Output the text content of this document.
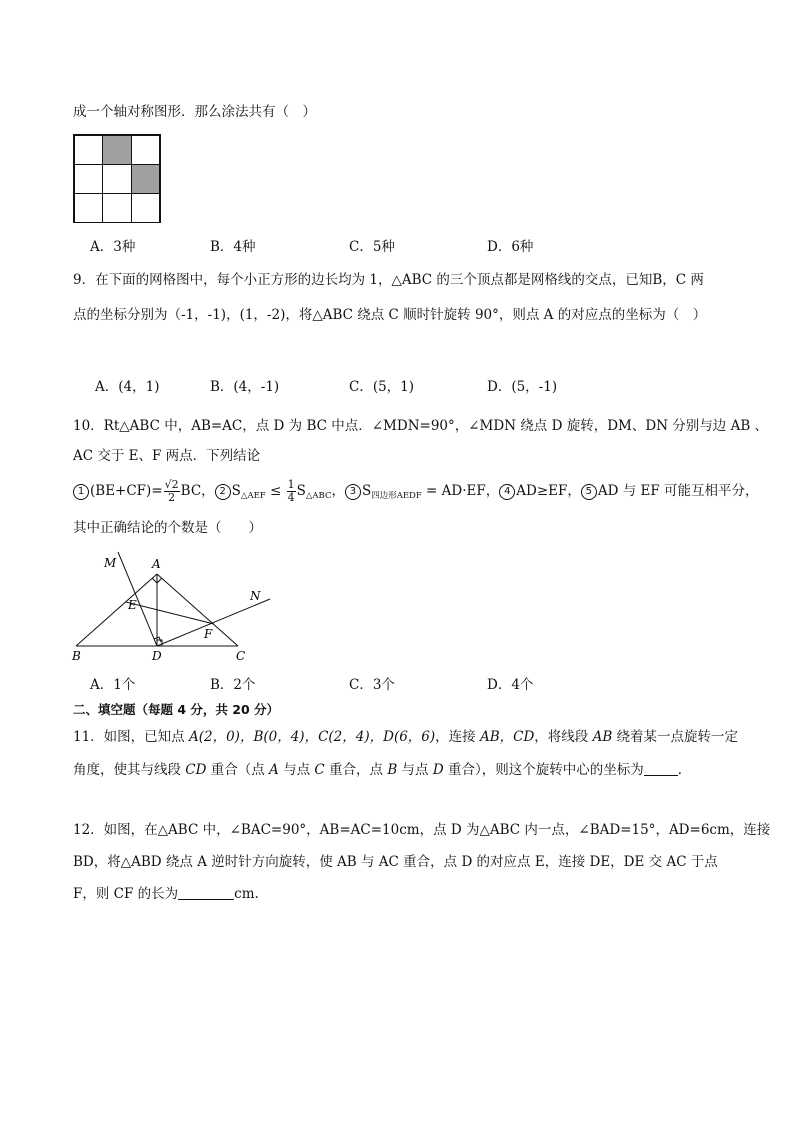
成一个轴对称图形．那么涂法共有（　）
A．3种	B．4种	C．5种	D．6种
9．在下面的网格图中，每个小正方形的边长均为 1，△ABC 的三个顶点都是网格线的交点，已知B，C 两
点的坐标分别为（-1，-1)，(1，-2)，将△ABC 绕点 C 顺时针旋转 90°，则点 A 的对应点的坐标为（　）
A．(4，1)	B．(4，-1)	C．(5，1)	D．(5，-1)
10．Rt△ABC 中，AB=AC，点 D 为 BC 中点．∠MDN=90°，∠MDN 绕点 D 旋转，DM、DN 分别与边 AB 、
AC 交于 E、F 两点．下列结论
1 $(BE+CF)= \frac{√2}{2}$ BC， 2 $S_{\triangle AEF} \le \frac{1}{4} S_{\triangle ABC}$， 3 $S_{四边形AEDF} = AD\cdot EF$， 4 AD≥EF， 5 AD 与 EF 可能互相平分，
其中正确结论的个数是（　　）
M	A
N
E
F
B	D	C
A．1个	B．2个	C．3个	D．4个
二、填空题（每题 4 分，共 20 分）
11．如图，已知点 A(2，0)，B(0，4)，C(2，4)，D(6，6)，连接 AB，CD，将线段 AB 绕着某一点旋转一定
角度，使其与线段 CD 重合（点 A 与点 C 重合，点 B 与点 D 重合），则这个旋转中心的坐标为	．
12．如图，在△ABC 中，∠BAC=90°，AB=AC=10cm，点 D 为△ABC 内一点，∠BAD=15°，AD=6cm，连接
BD，将△ABD 绕点 A 逆时针方向旋转，使 AB 与 AC 重合，点 D 的对应点 E，连接 DE，DE 交 AC 于点
F，则 CF 的长为	cm.
